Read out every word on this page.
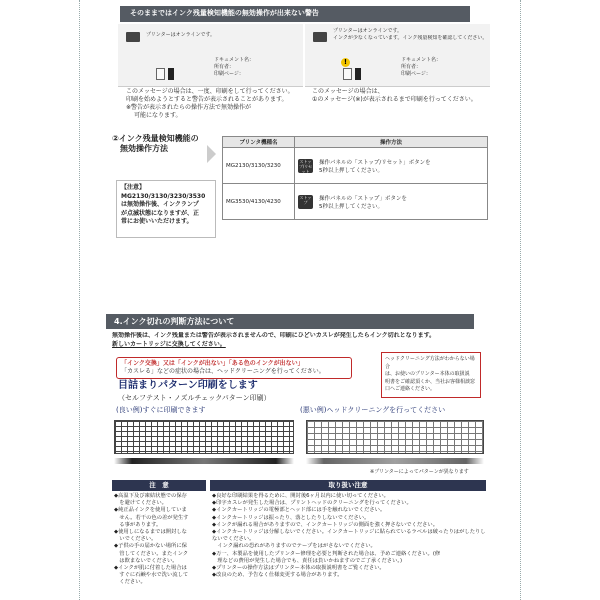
そのままではインク残量検知機能の無効操作が出来ない警告
プリンターはオンラインです。
ドキュメント名：
所有者：
印刷ページ：
プリンターはオンラインです。
インクが少なくなっています。インク残量検知を確認してください。
!	ドキュメント名：
所有者：
印刷ページ：
このメッセージの場合は、一度、印刷をして行ってください。
印刷を始めようとすると警告が表示されることがあります。
※警告が表示されたらの操作方法で無効操作が
可能になります。
このメッセージの場合は、
①のメッセージ(※)が表示されるまで印刷を行ってください。
②インク残量検知機能の
無効操作方法
【注意】
MG2130/3130/3230/3530
は無効操作後、インクランプ
が点滅状態になりますが、正
常にお使いいただけます。
プリンタ機種名	操作方法
MG2130/3130/3230	ストップ/リセット
操作パネルの「ストップ/リセット」ボタンを
5秒以上押してください。

MG3530/4130/4230	ストップ
操作パネルの「ストップ」ボタンを
5秒以上押してください。
4.インク切れの判断方法について
無効操作後は、インク残量または警告が表示されませんので、印刷にひどいカスレが発生したらインク切れとなります。
新しいカートリッジに交換してください。
「インク交換」又は「インクが出ない」「ある色のインクが出ない」
「カスレる」などの症状の場合は、ヘッドクリーニングを行ってください。
ヘッドクリーニング方法がわからない場合
は、お使いのプリンター本体の取扱説
明書をご確認頂くか、当社お客様相談窓
口へご連絡ください。
目詰まりパターン印刷をします
（セルフテスト・ノズルチェックパターン印刷）
(良い例)すぐに印刷できます	(悪い例)ヘッドクリーニングを行ってください
※プリンターによってパターンが異なります
注　意	取り扱い注意
◆高温下及び凍結状態での保存
　を避けてください。
◆純正品インクを使用していま
　せん。若干の色の差が発生す
　る事があります。
◆使用しになるまでは開封しな
　いでください。
◆子供の手の届かない場所に保
　管してください。またインク
　は飲まないでください。
◆インクが肌に付着した場合は
　すぐに石鹸や水で洗い流して
　ください。
◆良好な印刷結果を得るために、開封後6ヶ月以内に使い切ってください。
◆印字カスレが発生した場合は、プリントヘッドのクリーニングを行ってください。
◆インクカートリッジの電極部とヘッド部には手を触れないでください。
◆インクカートリッジは振ったり、落としたりしないでください。
◆インクが漏れる場合がありますので、インクカートリッジの側面を強く押さないでください。
◆インクカートリッジは分解しないでください。インクカートリッジに貼られているラベルは破ったりはがしたりしないでください。
　インク漏れの恐れがありますのでテープをはがさないでください。
◆万一、本製品を使用したプリンター修理を必要と判断された場合は、予めご連絡ください。(修
　理などの費用が発生した場合でも、責任は負いかねますのでご了承ください。)
◆プリンターの操作方法はプリンター本体の取扱説明書をご覧ください。
◆改良のため、予告なく仕様変更する場合があります。
